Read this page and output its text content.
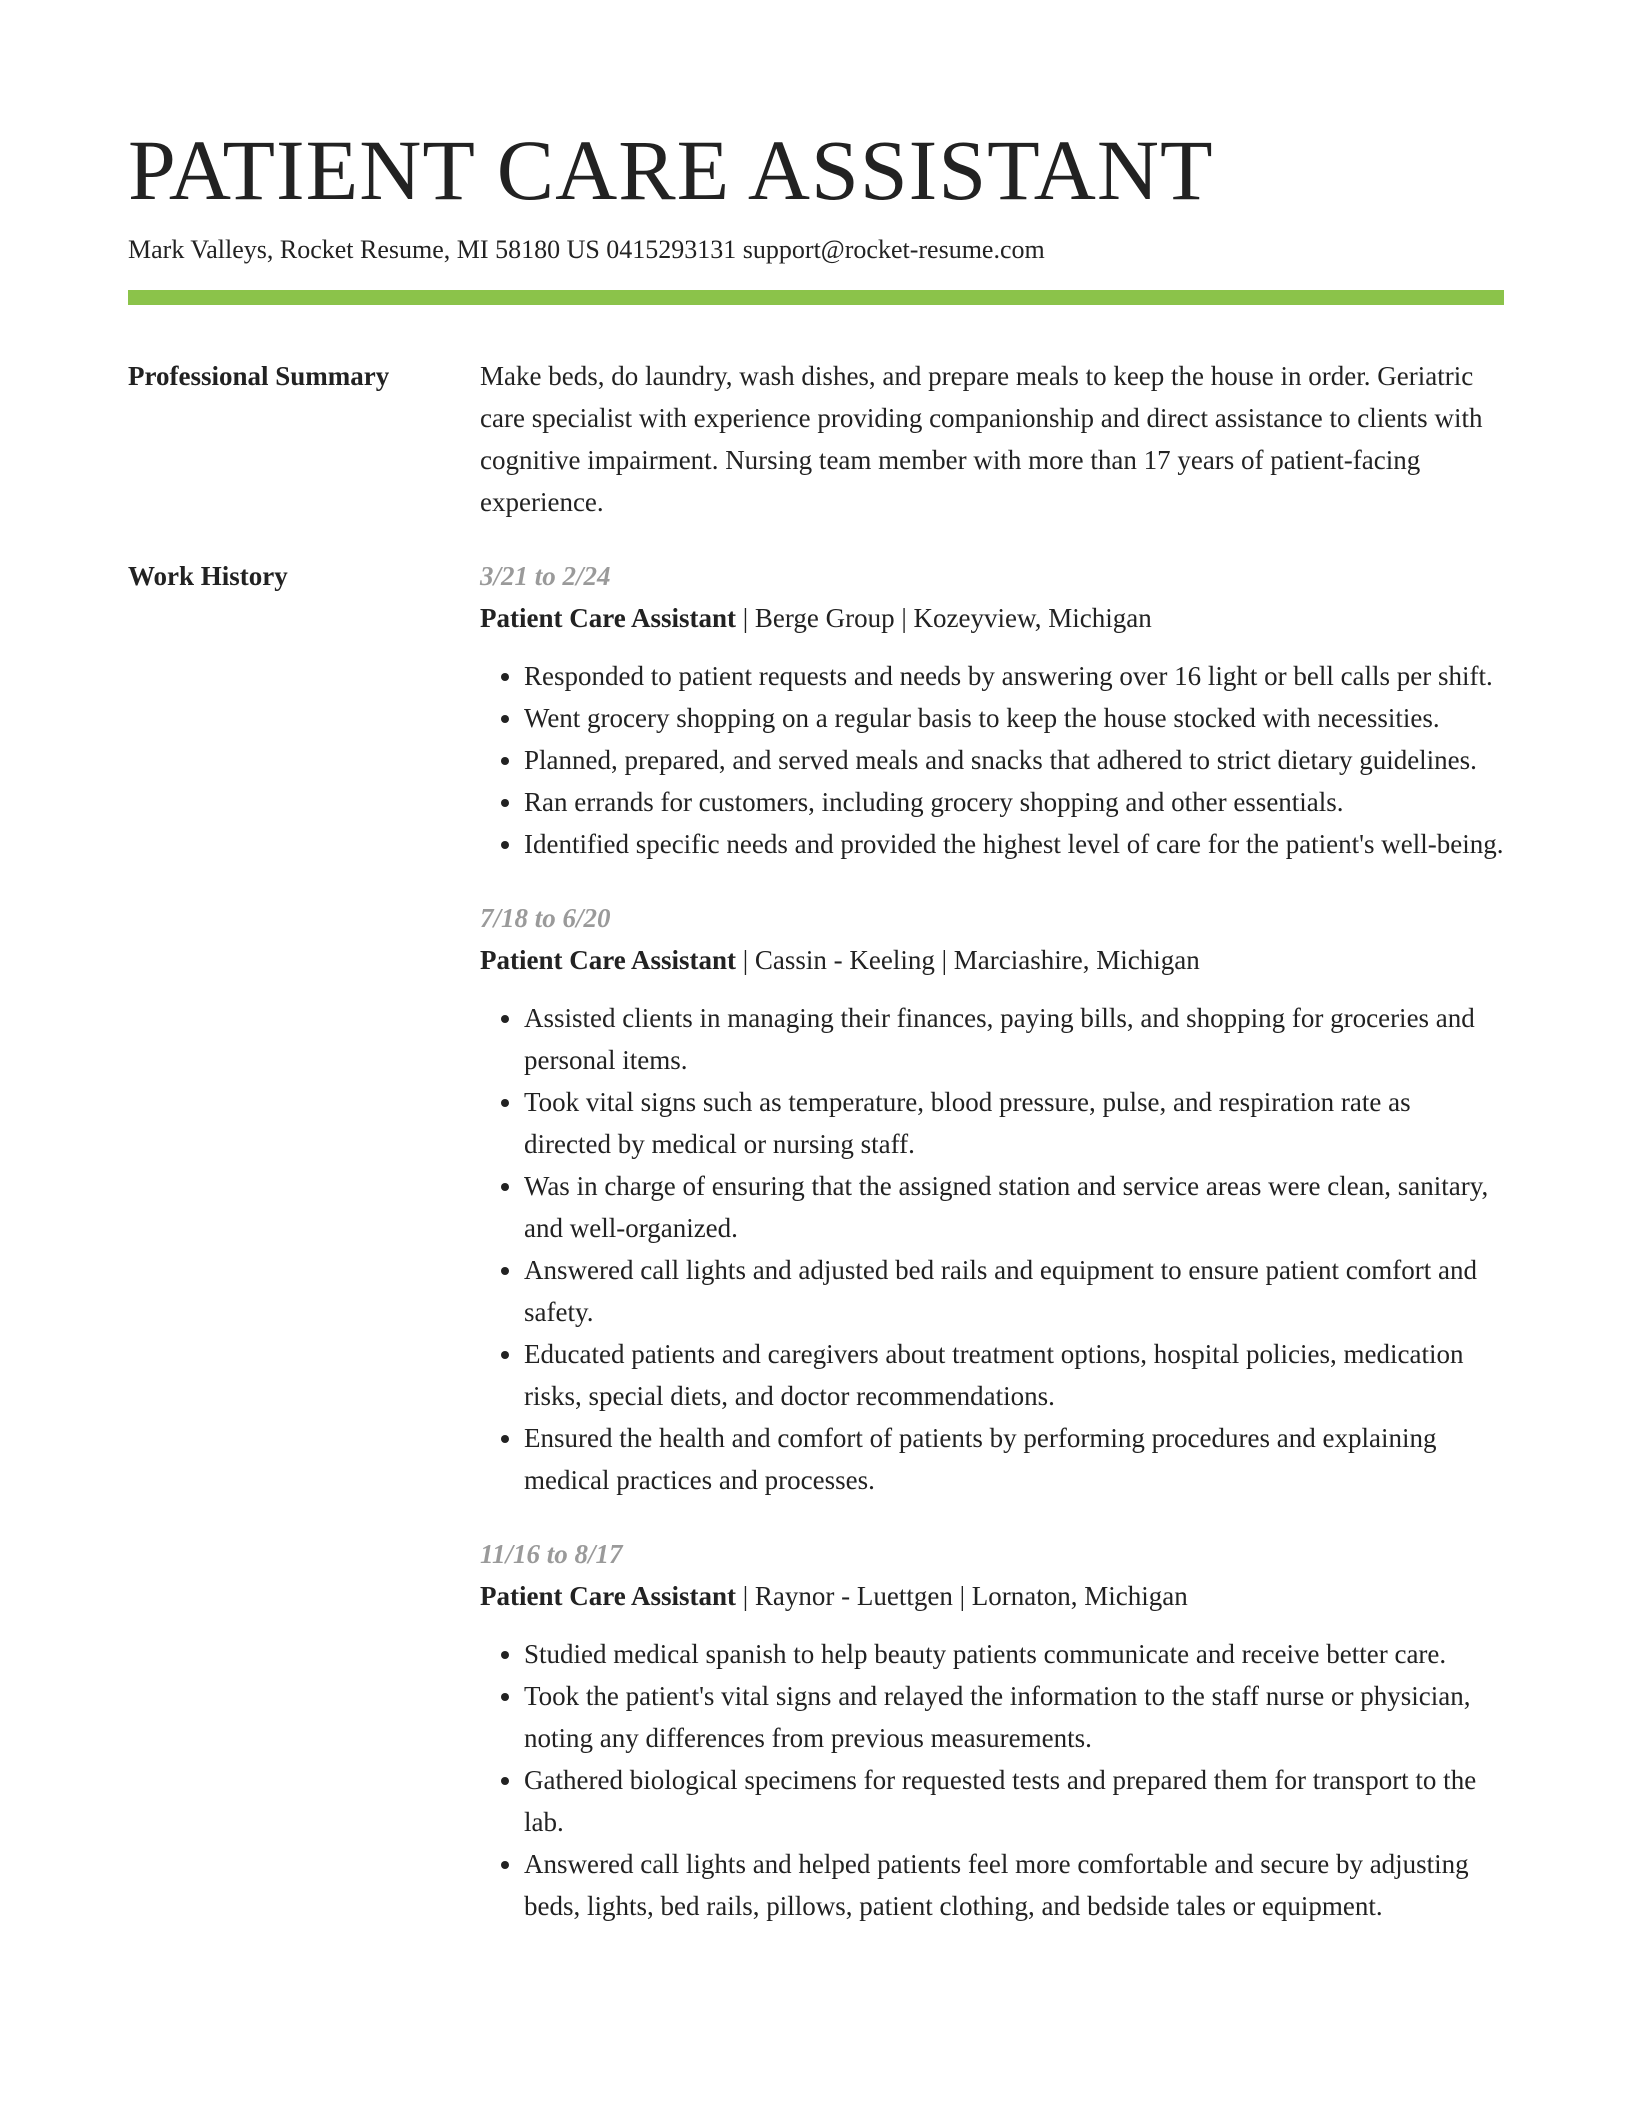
PATIENT CARE ASSISTANT
Mark Valleys, Rocket Resume, MI 58180 US 0415293131 support@rocket-resume.com
Professional Summary	Make beds, do laundry, wash dishes, and prepare meals to keep the house in order. Geriatric care specialist with experience providing companionship and direct assistance to clients with cognitive impairment. Nursing team member with more than 17 years of patient-facing experience.

Work History	3/21 to 2/24
Patient Care Assistant | Berge Group | Kozeyview, Michigan
• Responded to patient requests and needs by answering over 16 light or bell calls per shift.
• Went grocery shopping on a regular basis to keep the house stocked with necessities.
• Planned, prepared, and served meals and snacks that adhered to strict dietary guidelines.
• Ran errands for customers, including grocery shopping and other essentials.
• Identified specific needs and provided the highest level of care for the patient's well-being.
7/18 to 6/20
Patient Care Assistant | Cassin - Keeling | Marciashire, Michigan
• Assisted clients in managing their finances, paying bills, and shopping for groceries and personal items.
• Took vital signs such as temperature, blood pressure, pulse, and respiration rate as directed by medical or nursing staff.
• Was in charge of ensuring that the assigned station and service areas were clean, sanitary, and well-organized.
• Answered call lights and adjusted bed rails and equipment to ensure patient comfort and safety.
• Educated patients and caregivers about treatment options, hospital policies, medication risks, special diets, and doctor recommendations.
• Ensured the health and comfort of patients by performing procedures and explaining medical practices and processes.
11/16 to 8/17
Patient Care Assistant | Raynor - Luettgen | Lornaton, Michigan
• Studied medical spanish to help beauty patients communicate and receive better care.
• Took the patient's vital signs and relayed the information to the staff nurse or physician, noting any differences from previous measurements.
• Gathered biological specimens for requested tests and prepared them for transport to the lab.
• Answered call lights and helped patients feel more comfortable and secure by adjusting beds, lights, bed rails, pillows, patient clothing, and bedside tales or equipment.
